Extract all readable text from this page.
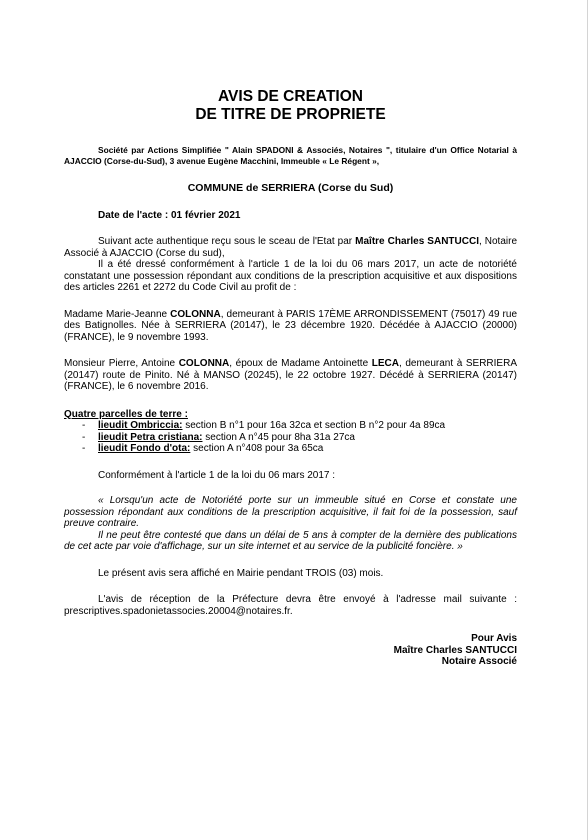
AVIS DE CREATION
DE TITRE DE PROPRIETE
Société par Actions Simplifiée " Alain SPADONI & Associés, Notaires ", titulaire d'un Office Notarial à AJACCIO (Corse-du-Sud), 3 avenue Eugène Macchini, Immeuble « Le Régent »,
COMMUNE de SERRIERA (Corse du Sud)
Date de l'acte : 01 février 2021
Suivant acte authentique reçu sous le sceau de l'Etat par Maître Charles SANTUCCI, Notaire Associé à AJACCIO (Corse du sud),
Il a été dressé conformément à l'article 1 de la loi du 06 mars 2017, un acte de notoriété constatant une possession répondant aux conditions de la prescription acquisitive et aux dispositions des articles 2261 et 2272 du Code Civil au profit de :
Madame Marie-Jeanne COLONNA, demeurant à PARIS 17ÈME ARRONDISSEMENT (75017) 49 rue des Batignolles. Née à SERRIERA (20147), le 23 décembre 1920. Décédée à AJACCIO (20000) (FRANCE), le 9 novembre 1993.
Monsieur Pierre, Antoine COLONNA, époux de Madame Antoinette LECA, demeurant à SERRIERA (20147) route de Pinito. Né à MANSO (20245), le 22 octobre 1927. Décédé à SERRIERA (20147) (FRANCE), le 6 novembre 2016.
Quatre parcelles de terre :
- lieudit Ombriccia: section B n°1 pour 16a 32ca et section B n°2 pour 4a 89ca
- lieudit Petra cristiana: section A n°45 pour 8ha 31a 27ca
- lieudit Fondo d'ota: section A n°408 pour 3a 65ca
Conformément à l'article 1 de la loi du 06 mars 2017 :
« Lorsqu'un acte de Notoriété porte sur un immeuble situé en Corse et constate une possession répondant aux conditions de la prescription acquisitive, il fait foi de la possession, sauf preuve contraire.
Il ne peut être contesté que dans un délai de 5 ans à compter de la dernière des publications de cet acte par voie d'affichage, sur un site internet et au service de la publicité foncière. »
Le présent avis sera affiché en Mairie pendant TROIS (03) mois.
L'avis de réception de la Préfecture devra être envoyé à l'adresse mail suivante : prescriptives.spadonietassocies.20004@notaires.fr.
Pour Avis
Maître Charles SANTUCCI
Notaire Associé
